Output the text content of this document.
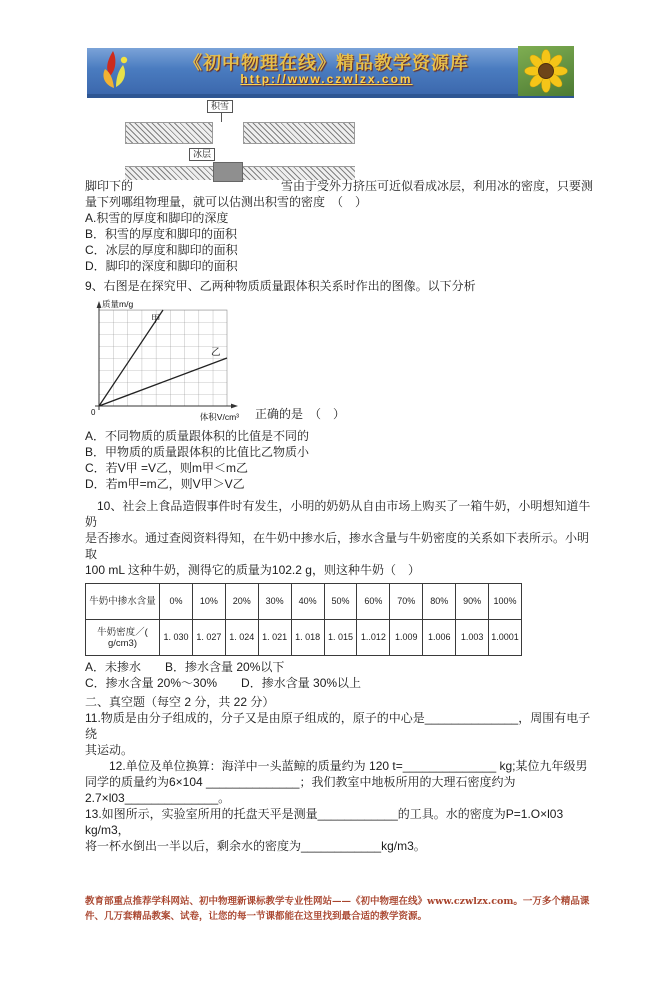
《初中物理在线》精品教学资源库
http://www.czwlzx.com
积雪
冰层
脚印下的	雪由于受外力挤压可近似看成冰层，利用冰的密度，只要测
量下列哪组物理量，就可以估测出积雪的密度　（　）
A.积雪的厚度和脚印的深度
B．积雪的厚度和脚印的面积
C．冰层的厚度和脚印的面积
D．脚印的深度和脚印的面积
9、右图是在探究甲、乙两种物质质量跟体积关系时作出的图像。以下分析
甲
乙
质量m/g
体积V/cm³
0	正确的是　（　）
A．不同物质的质量跟体积的比值是不同的
B．甲物质的质量跟体积的比值比乙物质小
C．若V甲 =V乙，则m甲＜m乙
D．若m甲=m乙，则V甲＞V乙
　10、社会上食品造假事件时有发生，小明的奶奶从自由市场上购买了一箱牛奶，小明想知道牛奶
是否掺水。通过查阅资料得知，在牛奶中掺水后，掺水含量与牛奶密度的关系如下表所示。小明取
100 mL 这种牛奶，测得它的质量为102.2 g，则这种牛奶（　）
牛奶中掺水含量	0%	10%	20%	30%	40%	50%	60%	70%	80%	90%	100%
牛奶密度／( g/cm3)	1. 030	1. 027	1. 024	1. 021	1. 018	1. 015	1..012	1.009	1.006	1.003	1.0001
A．未掺水　　B．掺水含量 20%以下
C．掺水含量 20%～30%　　D．掺水含量 30%以上
二、真空题（每空 2 分，共 22 分）
11.物质是由分子组成的，分子又是由原子组成的，原子的中心是______________，周围有电子绕
其运动。
　　12.单位及单位换算：海洋中一头蓝鲸的质量约为 120 t=______________ kg;某位九年级男
同学的质量约为6×104 ______________；我们教室中地板所用的大理石密度约为
2.7×l03______________。
13.如图所示，实验室所用的托盘天平是测量____________的工具。水的密度为P=1.O×l03 kg/m3，
将一杯水倒出一半以后，剩余水的密度为____________kg/m3。
教育部重点推荐学科网站、初中物理新课标教学专业性网站——《初中物理在线》www.czwlzx.com。一万多个精品课
件、几万套精品教案、试卷，让您的每一节课都能在这里找到最合适的教学资源。
